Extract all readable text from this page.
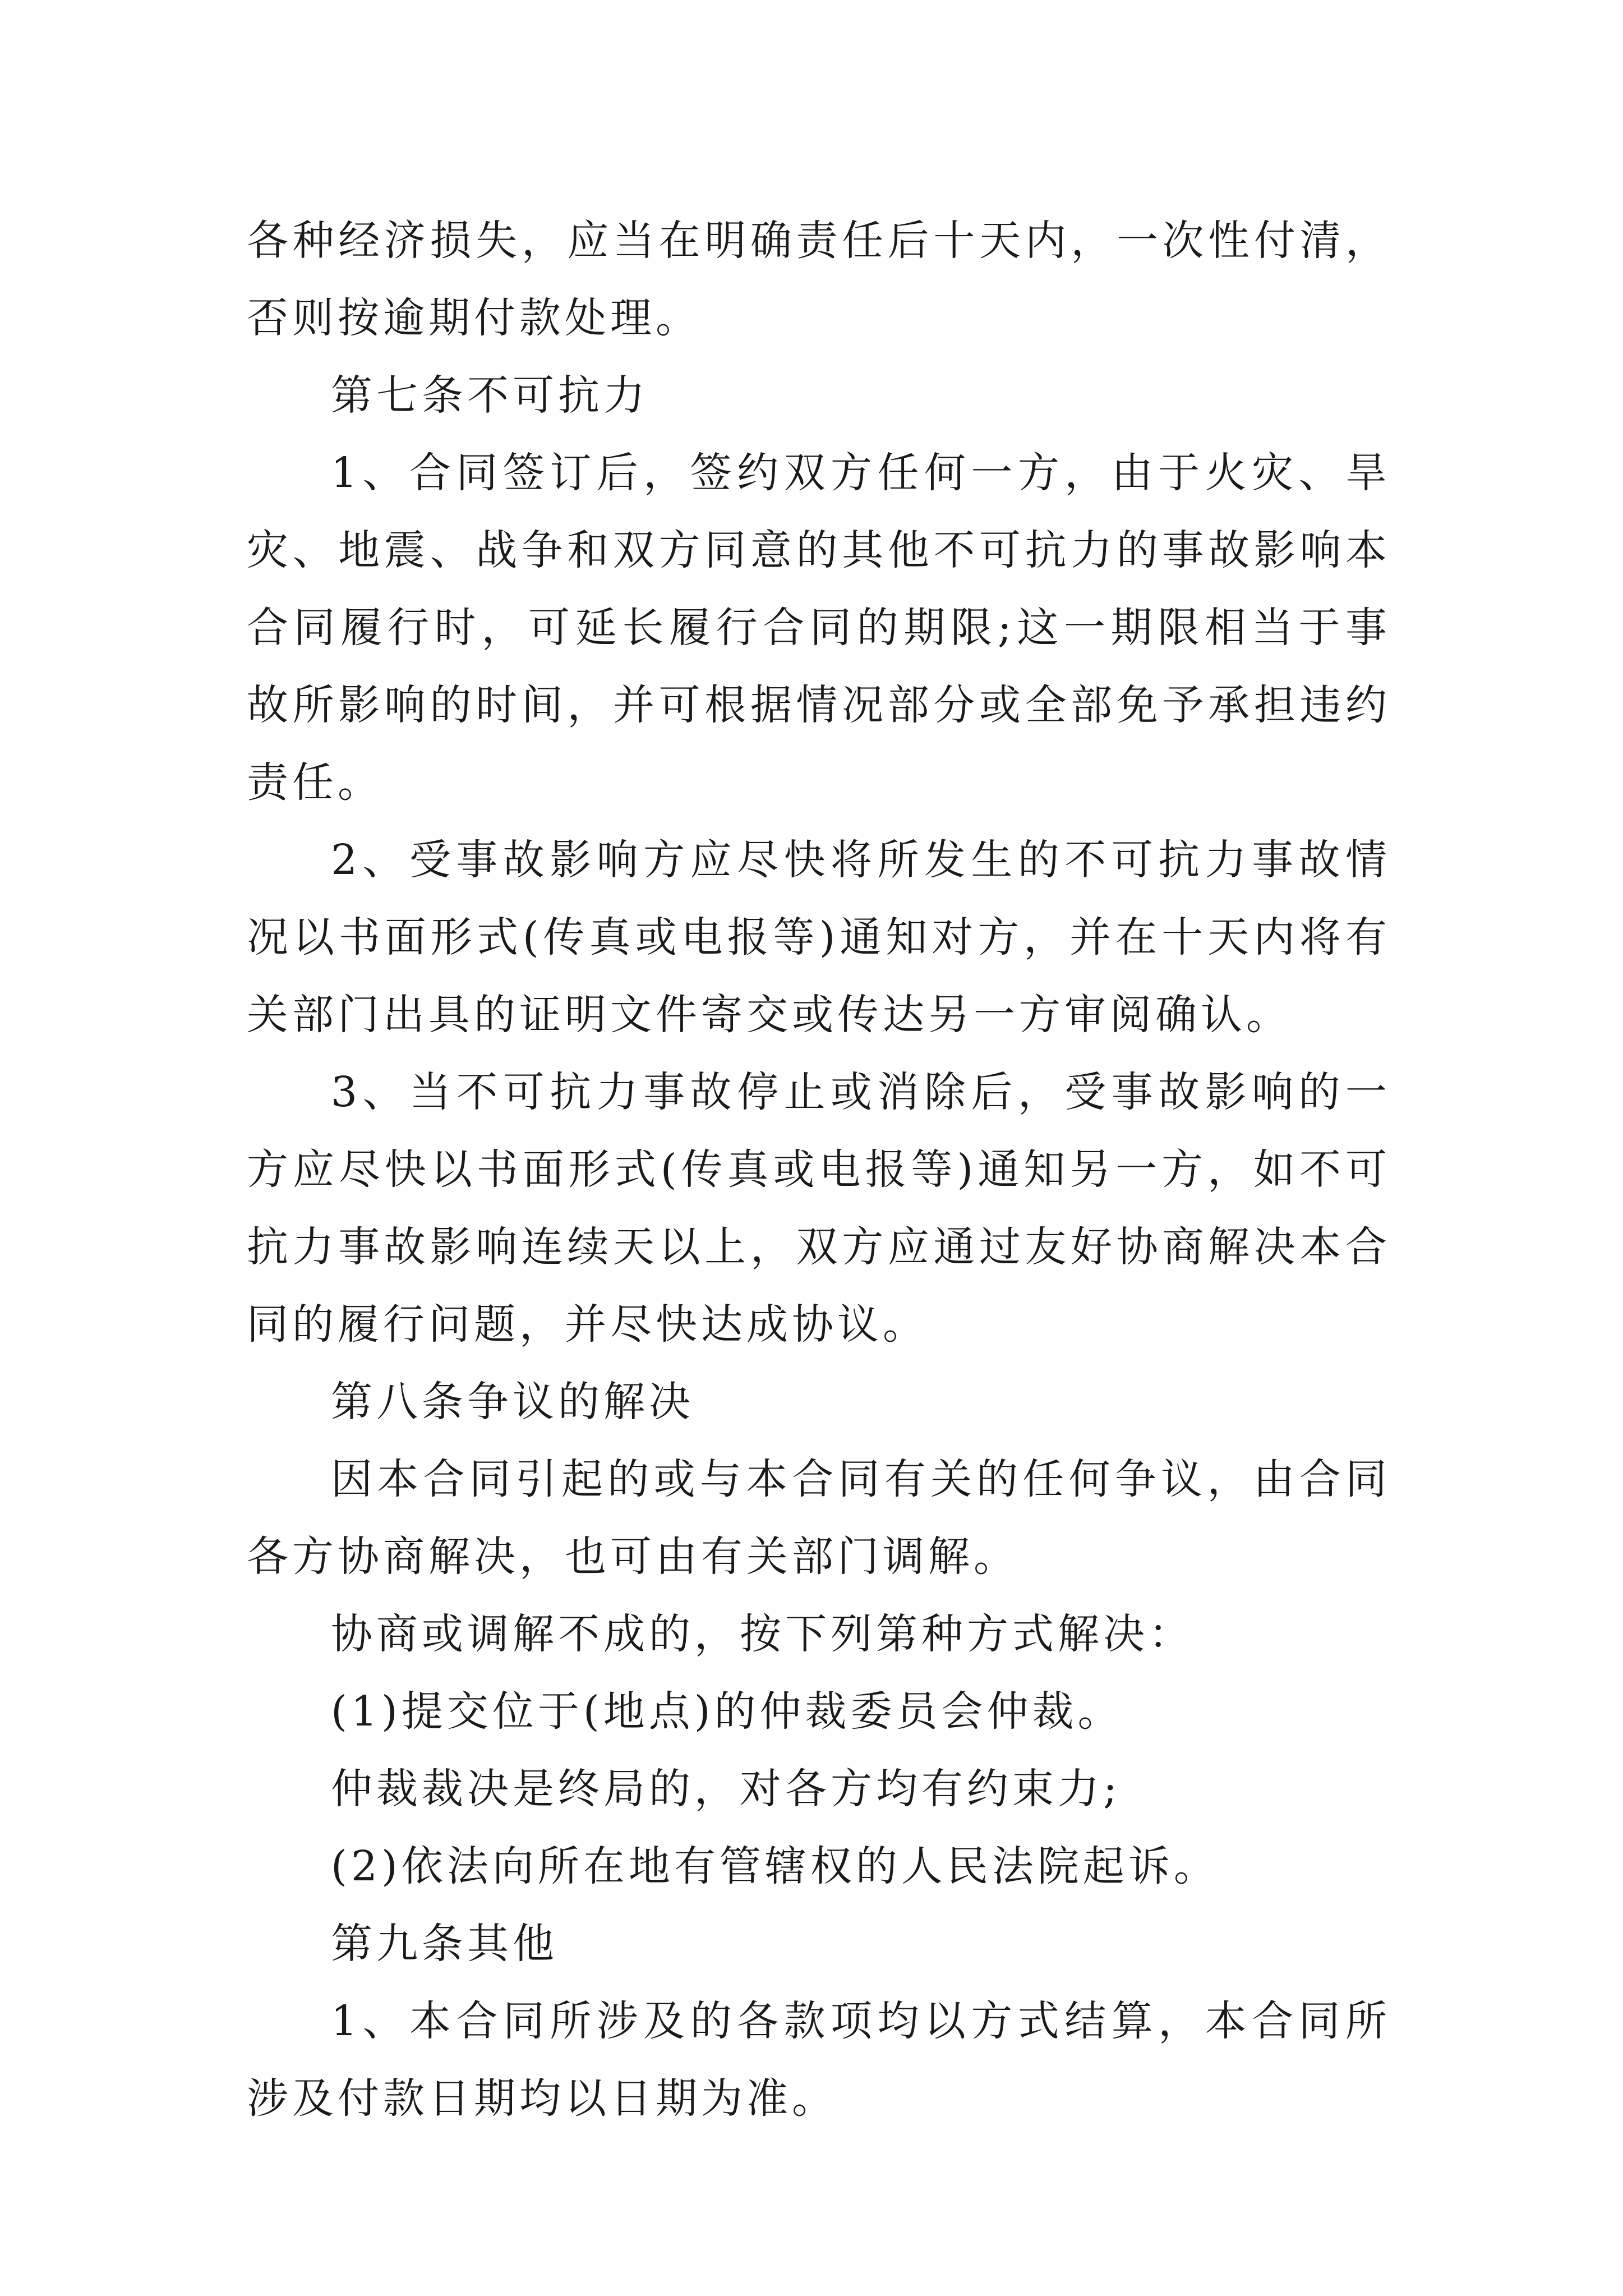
各种经济损失，应当在明确责任后十天内，一次性付清，否则按逾期付款处理。

第七条不可抗力

1、合同签订后，签约双方任何一方，由于火灾、旱灾、地震、战争和双方同意的其他不可抗力的事故影响本合同履行时，可延长履行合同的期限;这一期限相当于事故所影响的时间，并可根据情况部分或全部免予承担违约责任。

2、受事故影响方应尽快将所发生的不可抗力事故情况以书面形式(传真或电报等)通知对方，并在十天内将有关部门出具的证明文件寄交或传达另一方审阅确认。

3、当不可抗力事故停止或消除后，受事故影响的一方应尽快以书面形式(传真或电报等)通知另一方，如不可抗力事故影响连续天以上，双方应通过友好协商解决本合同的履行问题，并尽快达成协议。

第八条争议的解决

因本合同引起的或与本合同有关的任何争议，由合同各方协商解决，也可由有关部门调解。

协商或调解不成的，按下列第种方式解决：

(1)提交位于(地点)的仲裁委员会仲裁。

仲裁裁决是终局的，对各方均有约束力;

(2)依法向所在地有管辖权的人民法院起诉。

第九条其他

1、本合同所涉及的各款项均以方式结算，本合同所涉及付款日期均以日期为准。
